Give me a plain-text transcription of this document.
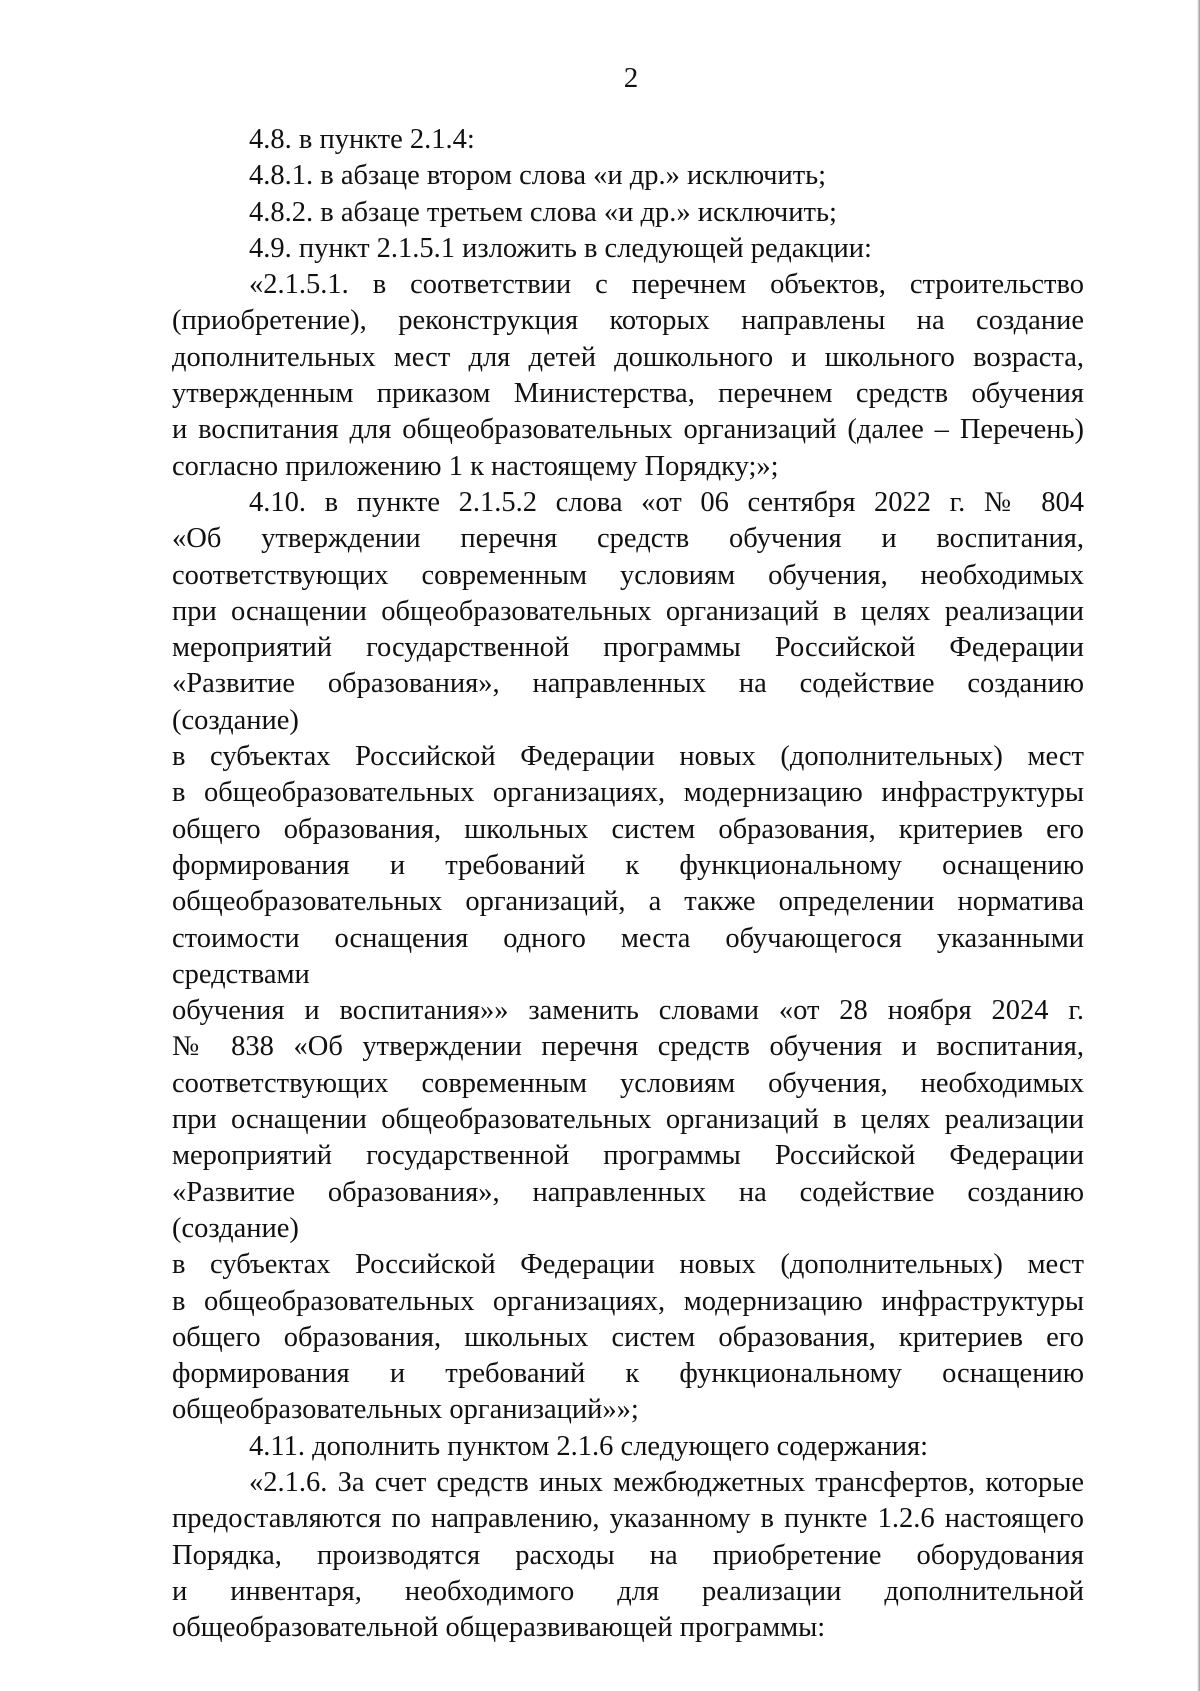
2
4.8. в пункте 2.1.4:
4.8.1. в абзаце втором слова «и др.» исключить;
4.8.2. в абзаце третьем слова «и др.» исключить;
4.9. пункт 2.1.5.1 изложить в следующей редакции:
«2.1.5.1. в соответствии с перечнем объектов, строительство
(приобретение), реконструкция которых направлены на создание
дополнительных мест для детей дошкольного и школьного возраста,
утвержденным приказом Министерства, перечнем средств обучения
и воспитания для общеобразовательных организаций (далее – Перечень)
согласно приложению 1 к настоящему Порядку;»;
4.10. в пункте 2.1.5.2 слова «от 06 сентября 2022 г. № 804
«Об утверждении перечня средств обучения и воспитания,
соответствующих современным условиям обучения, необходимых
при оснащении общеобразовательных организаций в целях реализации
мероприятий государственной программы Российской Федерации
«Развитие образования», направленных на содействие созданию (создание)
в субъектах Российской Федерации новых (дополнительных) мест
в общеобразовательных организациях, модернизацию инфраструктуры
общего образования, школьных систем образования, критериев его
формирования и требований к функциональному оснащению
общеобразовательных организаций, а также определении норматива
стоимости оснащения одного места обучающегося указанными средствами
обучения и воспитания»» заменить словами «от 28 ноября 2024 г.
№ 838 «Об утверждении перечня средств обучения и воспитания,
соответствующих современным условиям обучения, необходимых
при оснащении общеобразовательных организаций в целях реализации
мероприятий государственной программы Российской Федерации
«Развитие образования», направленных на содействие созданию (создание)
в субъектах Российской Федерации новых (дополнительных) мест
в общеобразовательных организациях, модернизацию инфраструктуры
общего образования, школьных систем образования, критериев его
формирования и требований к функциональному оснащению
общеобразовательных организаций»»;
4.11. дополнить пунктом 2.1.6 следующего содержания:
«2.1.6. За счет средств иных межбюджетных трансфертов, которые
предоставляются по направлению, указанному в пункте 1.2.6 настоящего
Порядка, производятся расходы на приобретение оборудования
и инвентаря, необходимого для реализации дополнительной
общеобразовательной общеразвивающей программы:
